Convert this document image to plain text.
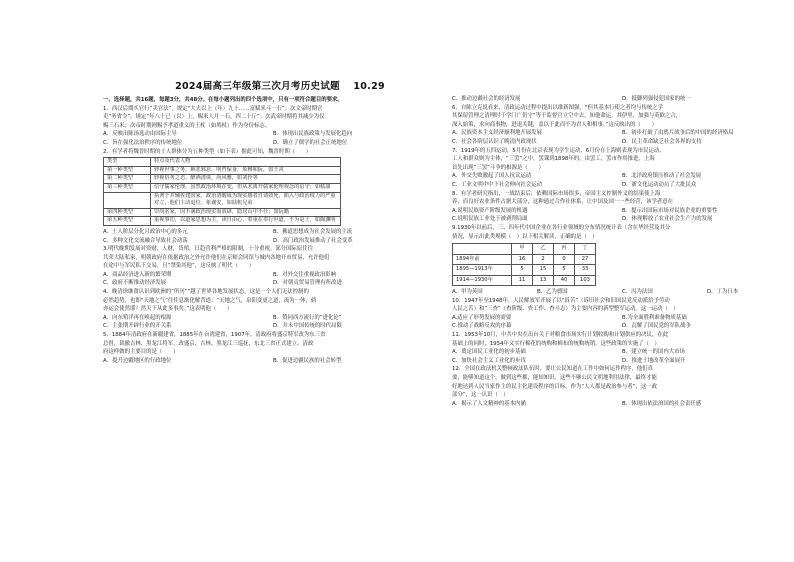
2024届高三年级第三次月考历史试题　 10.29
一、选择题，共16题，每题3分，共48分。在每小题列出的四个选项中，只有一项符合题目的要求。
1．西汉后期买官行“卖官法”，规定“大夫以上（年）九十……富赋米斗一石”；次文帝时期官
吏“务省令”，规定“年八十已（以）上，赐米人月一石，四二十斤”；次武帝时期将其减少为仅
赐三石米；次帝时期则赐予孝道重义的王杖（如鸠杖）作为身份标志。
A．反映出陈汤选动由国际主导	B．体现出民族政策与发展化趋向
C．旨在强化法治秩序的传统地位	D．确立了儒学的社会正统地位
2．有学者将魏晋时期的士人群体分为五种类型（如下表）据此可知，魏晋时期（　　）
类型	特点及代表人物
第一种类型	轻视世事之务，嫉恶邪恶，明哲保身，象穆和阮，如王戎
第二种类型	轻视俗务之态，醉酒清谈，尚风雅，如刘伶等
第三种类型	信守儒家伦理，虽然政治环境在变，但从未离开儒家伦理观念的信守；如嵇康
	执著于并辅佐建国家，政治清醒成为现实感者自请效死，陷入与政治权力的严重对立，他们主动退位；象谢安、如陆机兄弟
第四种类型	崇尚名家，因不满政治现实而放肆，隐居山中不仕；如阮籍
第五种类型	重视事功，以道家思想为主，读自由心，着重在奉行世道，不为是士，如陶渊明
A．士人阶层分化且政治中心的多元	B．佛道思想成为社会发展的主流
C．多种文化交流融合导致社会动荡	D．高门政治发展推动了社会变革
3.明代晚期发展对资财，人财，货殖，日趋营利严格的限制，十分重视。部分国际原住往
共荣大陆私家，明朝政府在依据政治之外允许他们在京师会同馆与城内各地开市贸易，允许他们
在途中与军民私下交易，且“禁染其他”，这反映了明代（　　）
A．商品经济进入新的繁荣期	B．对外交往重视政治影响
C．政府不断推动经济发展	D．对朝贡贸易管理有所改进
4．晚清徐继畬认识到欧洲的“所刊”“越了世界各地发展状态，这是一个人们无法控制的
必然趋势，也即“天地之气”往往息渐化解背道：“天地之气，泉阳变更之道，流为一体，倘
亦运会使然耶？然天下从此多事矣。”这表明他（　　）
A．向东殖洋再在唤起的根源	B．赞同西方流行的“进化论”
C．主张期开辟行业的开关系	D．并未中国传统的时代局限
5．1884年清政府在新疆建省，1885年在台湾建省，1907年，清政府将盛京特军改为东三省
总督，裁撤吉林、黑龙江将军，改盛京、吉林、黑龙江三巡抚，东北三省正式建立。清政
府这样做的主要目的是（　　）
A．提升边疆地区的行政地位	B．促进边疆民族的社会转型
C．推动边疆社会的经济发展	D．抵御列强侵犯国家的统一
6．自陈立克说看来，清政运动过程中提出以维新图强，“但其基本行使之者均与传统之学
其保留管理之清理时于学门广仍守“等于监督官立空中去，知他命运，其伊里，加强与英欧之合，
深入始策，求向商事物，进退关键，盖以于此而不为君人和相事。”这反映出的（　　）
A．民族资本主义经济顺利地开展发展	B．初步打破了由鸦片战争后的中国的经济格局
C．社会各阶层认识了晚清内政现状	D．民主革命缺乏社会各界的支持
7．1919年的五四运动，5月份在北京表现为学生运动，6月份在上海则表现为市民运动、
工人和群众则为主体，“三罢”之中，罢课到1898年的，由罢工，罢市作用推进，上海
首先出现“三罢”斗争的根源是（　　）
A．外交失败激起了国人抗议运动	B．北洋政府镇压推动了社会发展
C．工业文明中中下社会伸向社会运动	D．新文化运动动员了大批民众
8．有学者研究指出，一战结束后，依赖国际市场很多，帝国主义控制外义的结果使上海
养，而良好农业条件占据大部分，这种通过合作社体系，让中国及国一一些经营，该学者意在
A.说明民族资产阶级发展的机遇	B．提示出国际市场对民族企业的重要性
C.说明民族工业处于被剥削局面	D．体现解放了农业社会生产力的发展
9.1930年以前后，三、四年代中国企业在各行业领域的分布情况统计表（含在华经营及其分
情况，显示出此类规模（　）以下相关解读，正确的是（　）
	甲	乙	丙	丁
1894年前	16	2	0	27
1895—1913年	5	15	5	33
1914—1930年	11	13	40	103
A．甲为英国	B．乙为德国	C．丙为法国	D．丁为日本
10．1947年至1948年，人民解放军开展了以“诉苦”（诉旧社会和旧国民党反动派给予劳动
人民之苦）和“三查”（查阶级、查工作、查斗志）为主要内容的新型整军运动。这一运动（　）
A.适应了形势发展的需要	B.为全面胜利准备物质基础
C.推动了战略反攻的序幕	D．瓦解了国民党的军队战争
11．1953年10月，中共中央在出台关于对粮食市场实行计划收购和计划供应的决议，在此
基础上的同时，1954年又实行棉花的统购和棉布的统购统销。这些政策的实施了（　）
A．奠定国民工业化的初步基础	B．建立统一的国内大市场
C．加快社会主义工业化的步伐	D．推进土地改革全面展开
12．全国在政法机关整顿政法队伍时，要让公民知道在工作中如何运作程序，他们真
要，能够知道这个，做到这些都，能知知识。这些不够公民文明地利用法律，最终才能
好地达到人民当家作主的民主化建设程序的目标。作为“人人都是政治参与者”，这一政
部分”，这一认识（　）
A．揭示了人文精神的基本内涵	B．体现出依法治国的社会责任感
